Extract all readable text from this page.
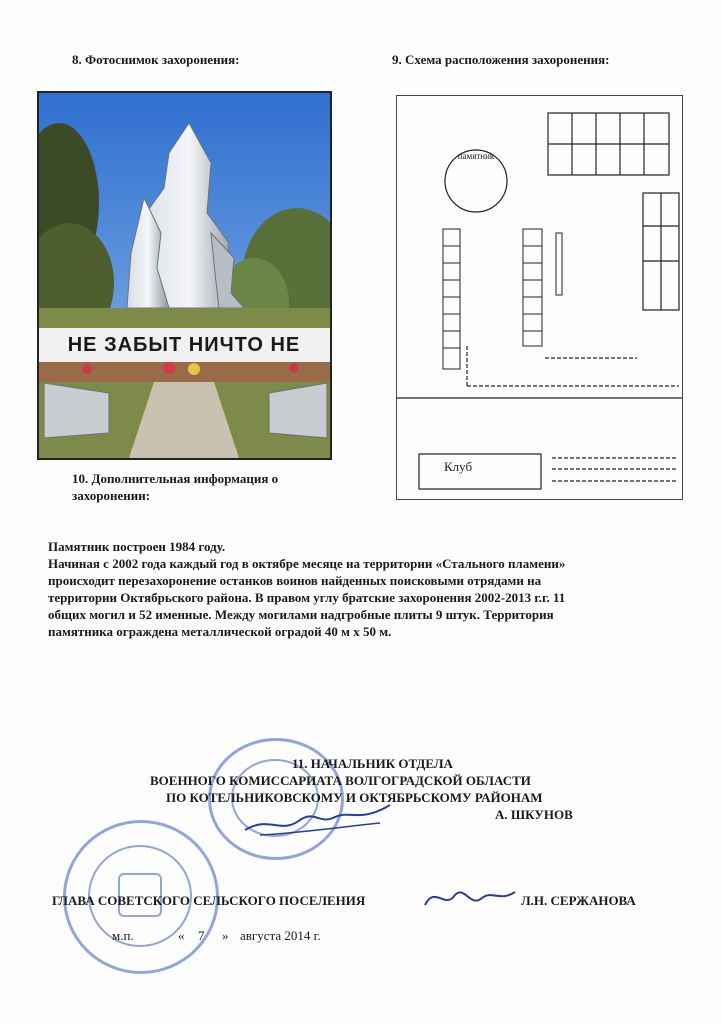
8. Фотоснимок захоронения:	9. Схема расположения захоронения:
НЕ ЗАБЫТ НИЧТО НЕ
памятник
Клуб
10. Дополнительная информация о
захоронении:
Памятник построен 1984 году.
Начиная с 2002 года каждый год в октябре месяце на территории «Стального пламени»
происходит перезахоронение останков воинов найденных поисковыми отрядами на
территории Октябрьского района. В правом углу братские захоронения 2002-2013 г.г. 11
общих могил и 52 именные. Между могилами надгробные плиты 9 штук. Территория
памятника ограждена металлической оградой 40 м х 50 м.
11. НАЧАЛЬНИК ОТДЕЛА
ВОЕННОГО КОМИССАРИАТА ВОЛГОГРАДСКОЙ ОБЛАСТИ
ПО КОТЕЛЬНИКОВСКОМУ И ОКТЯБРЬСКОМУ РАЙОНАМ
А. ШКУНОВ
ГЛАВА СОВЕТСКОГО СЕЛЬСКОГО ПОСЕЛЕНИЯ	Л.Н. СЕРЖАНОВА
м.п.	« 7 » августа 2014 г.
